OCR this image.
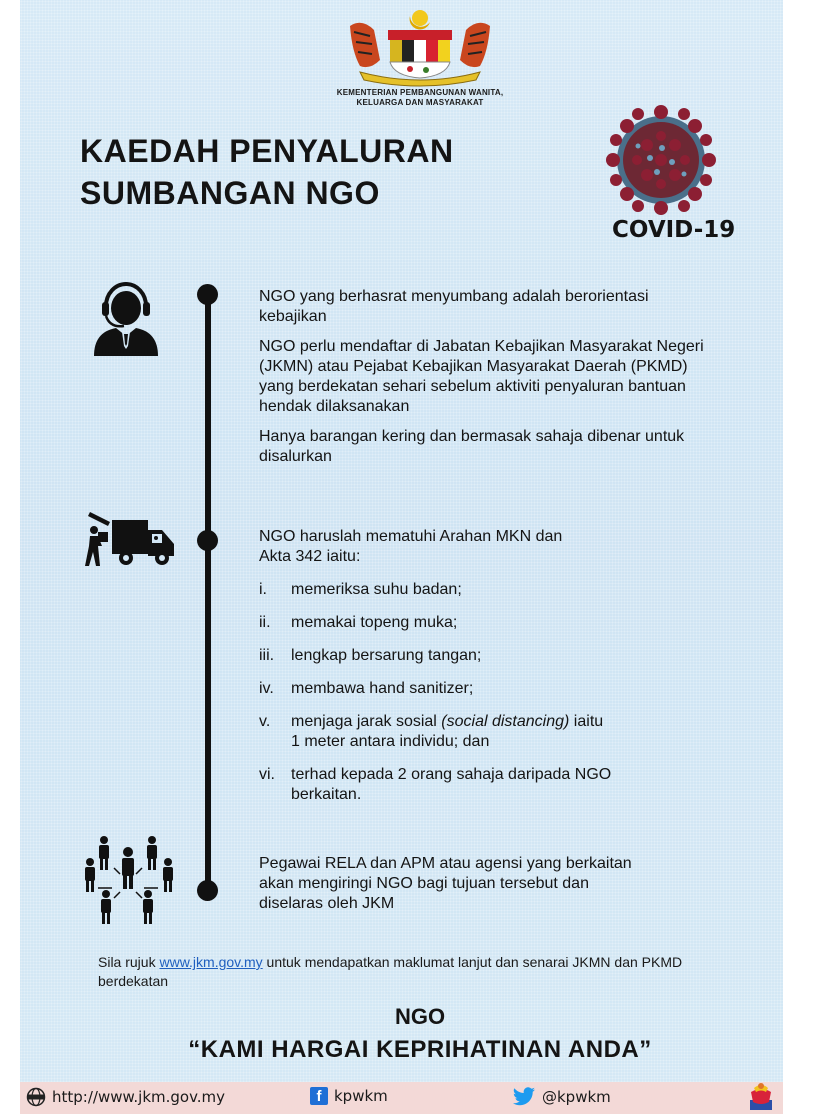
KEMENTERIAN PEMBANGUNAN WANITA,
KELUARGA DAN MASYARAKAT
KAEDAH PENYALURAN
SUMBANGAN NGO
COVID-19

NGO yang berhasrat menyumbang adalah berorientasi kebajikan

NGO perlu mendaftar di Jabatan Kebajikan Masyarakat Negeri (JKMN) atau Pejabat Kebajikan Masyarakat Daerah (PKMD) yang berdekatan sehari sebelum aktiviti penyaluran bantuan hendak dilaksanakan

Hanya barangan kering dan bermasak sahaja dibenar untuk disalurkan

NGO haruslah mematuhi Arahan MKN dan
Akta 342 iaitu:
i.	memeriksa suhu badan;
ii.	memakai topeng muka;
iii.	lengkap bersarung tangan;
iv.	membawa hand sanitizer;
v.	menjaga jarak sosial (social distancing) iaitu
1 meter antara individu; dan
vi.	terhad kepada 2 orang sahaja daripada NGO
berkaitan.
Pegawai RELA dan APM atau agensi yang berkaitan
akan mengiringi NGO bagi tujuan tersebut dan
diselaras oleh JKM
Sila rujuk www.jkm.gov.my untuk mendapatkan maklumat lanjut dan senarai JKMN dan PKMD berdekatan
NGO
“KAMI HARGAI KEPRIHATINAN ANDA”
http://www.jkm.gov.my	f kpwkm	@kpwkm
